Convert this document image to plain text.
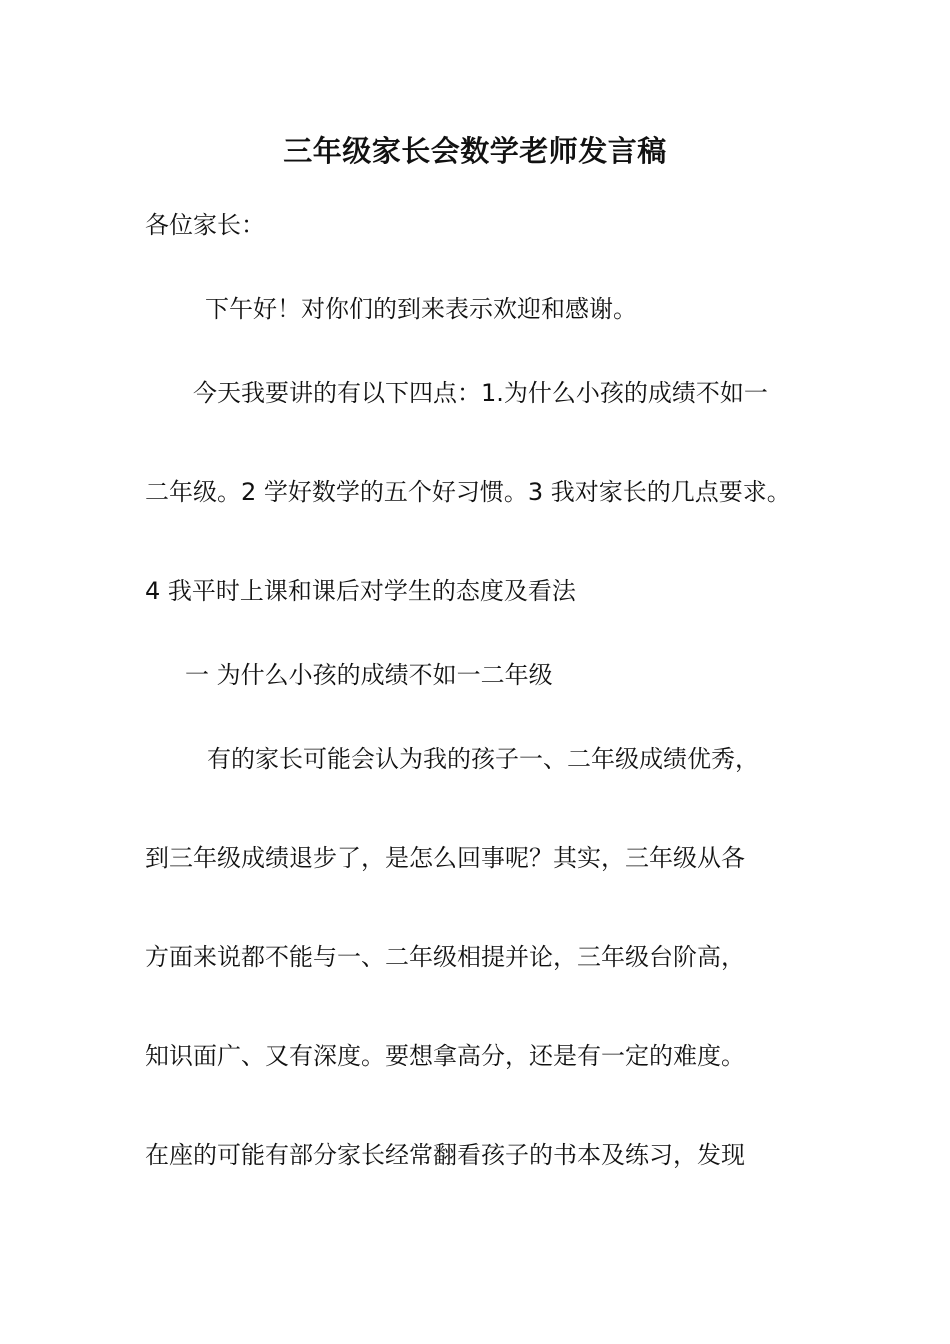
三年级家长会数学老师发言稿
各位家长：
下午好！对你们的到来表示欢迎和感谢。
今天我要讲的有以下四点：1.为什么小孩的成绩不如一
二年级。2 学好数学的五个好习惯。3 我对家长的几点要求。
4 我平时上课和课后对学生的态度及看法
一 为什么小孩的成绩不如一二年级
有的家长可能会认为我的孩子一、二年级成绩优秀，
到三年级成绩退步了，是怎么回事呢？其实，三年级从各
方面来说都不能与一、二年级相提并论，三年级台阶高，
知识面广、又有深度。要想拿高分，还是有一定的难度。
在座的可能有部分家长经常翻看孩子的书本及练习，发现
